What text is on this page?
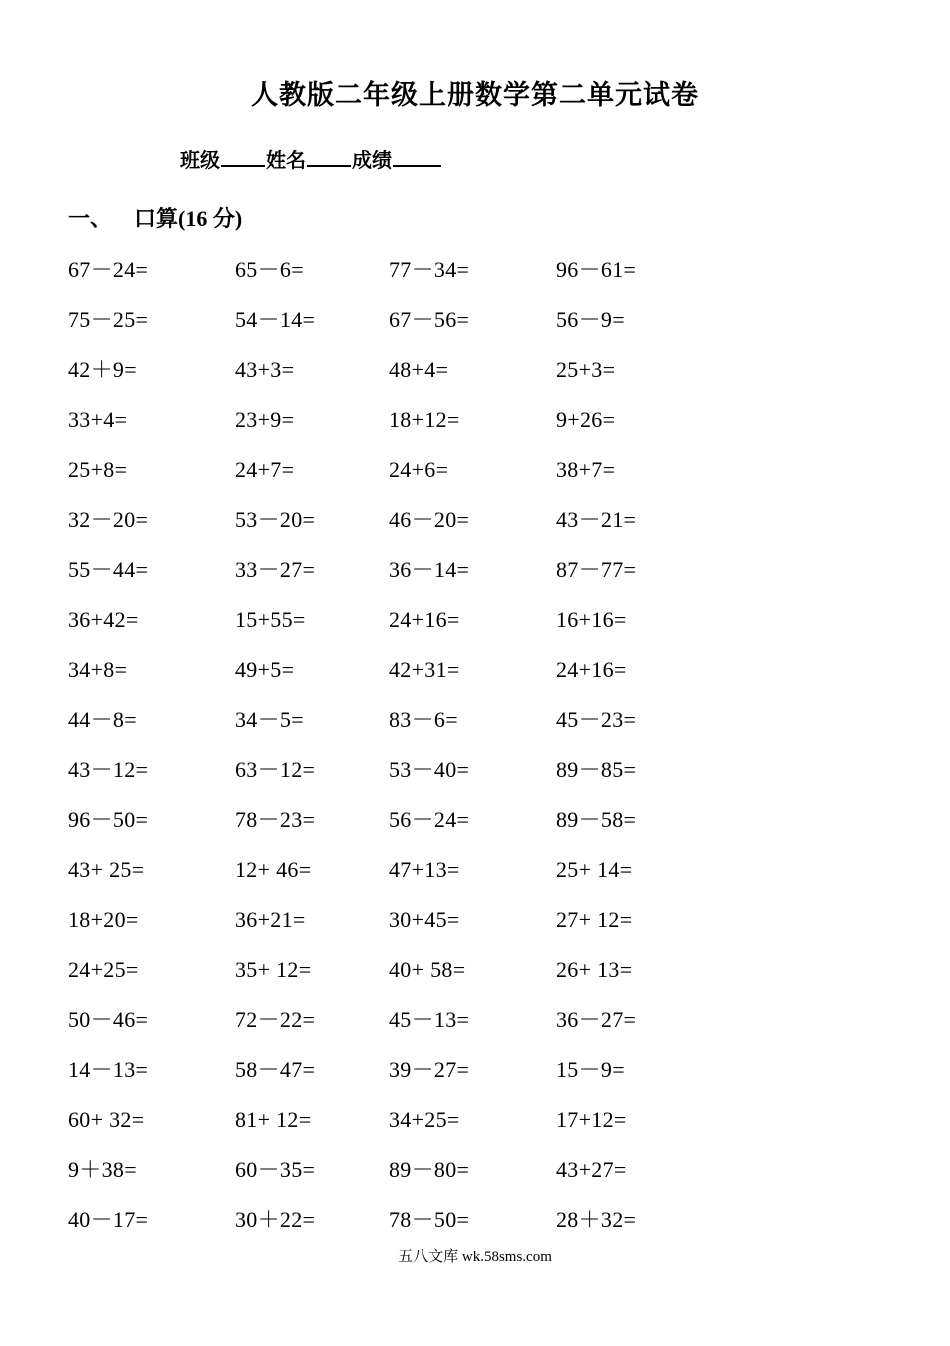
人教版二年级上册数学第二单元试卷
班级 姓名 成绩
一、 口算(16 分)
67－24=	65－6=	77－34=	96－61=
75－25=	54－14=	67－56=	56－9=
42＋9=	43+3=	48+4=	25+3=
33+4=	23+9=	18+12=	9+26=
25+8=	24+7=	24+6=	38+7=
32－20=	53－20=	46－20=	43－21=
55－44=	33－27=	36－14=	87－77=
36+42=	15+55=	24+16=	16+16=
34+8=	49+5=	42+31=	24+16=
44－8=	34－5=	83－6=	45－23=
43－12=	63－12=	53－40=	89－85=
96－50=	78－23=	56－24=	89－58=
43+ 25=	12+ 46=	47+13=	25+ 14=
18+20=	36+21=	30+45=	27+ 12=
24+25=	35+ 12=	40+ 58=	26+ 13=
50－46=	72－22=	45－13=	36－27=
14－13=	58－47=	39－27=	15－9=
60+ 32=	81+ 12=	34+25=	17+12=
9＋38=	60－35=	89－80=	43+27=
40－17=	30＋22=	78－50=	28＋32=
五八文库 wk.58sms.com
